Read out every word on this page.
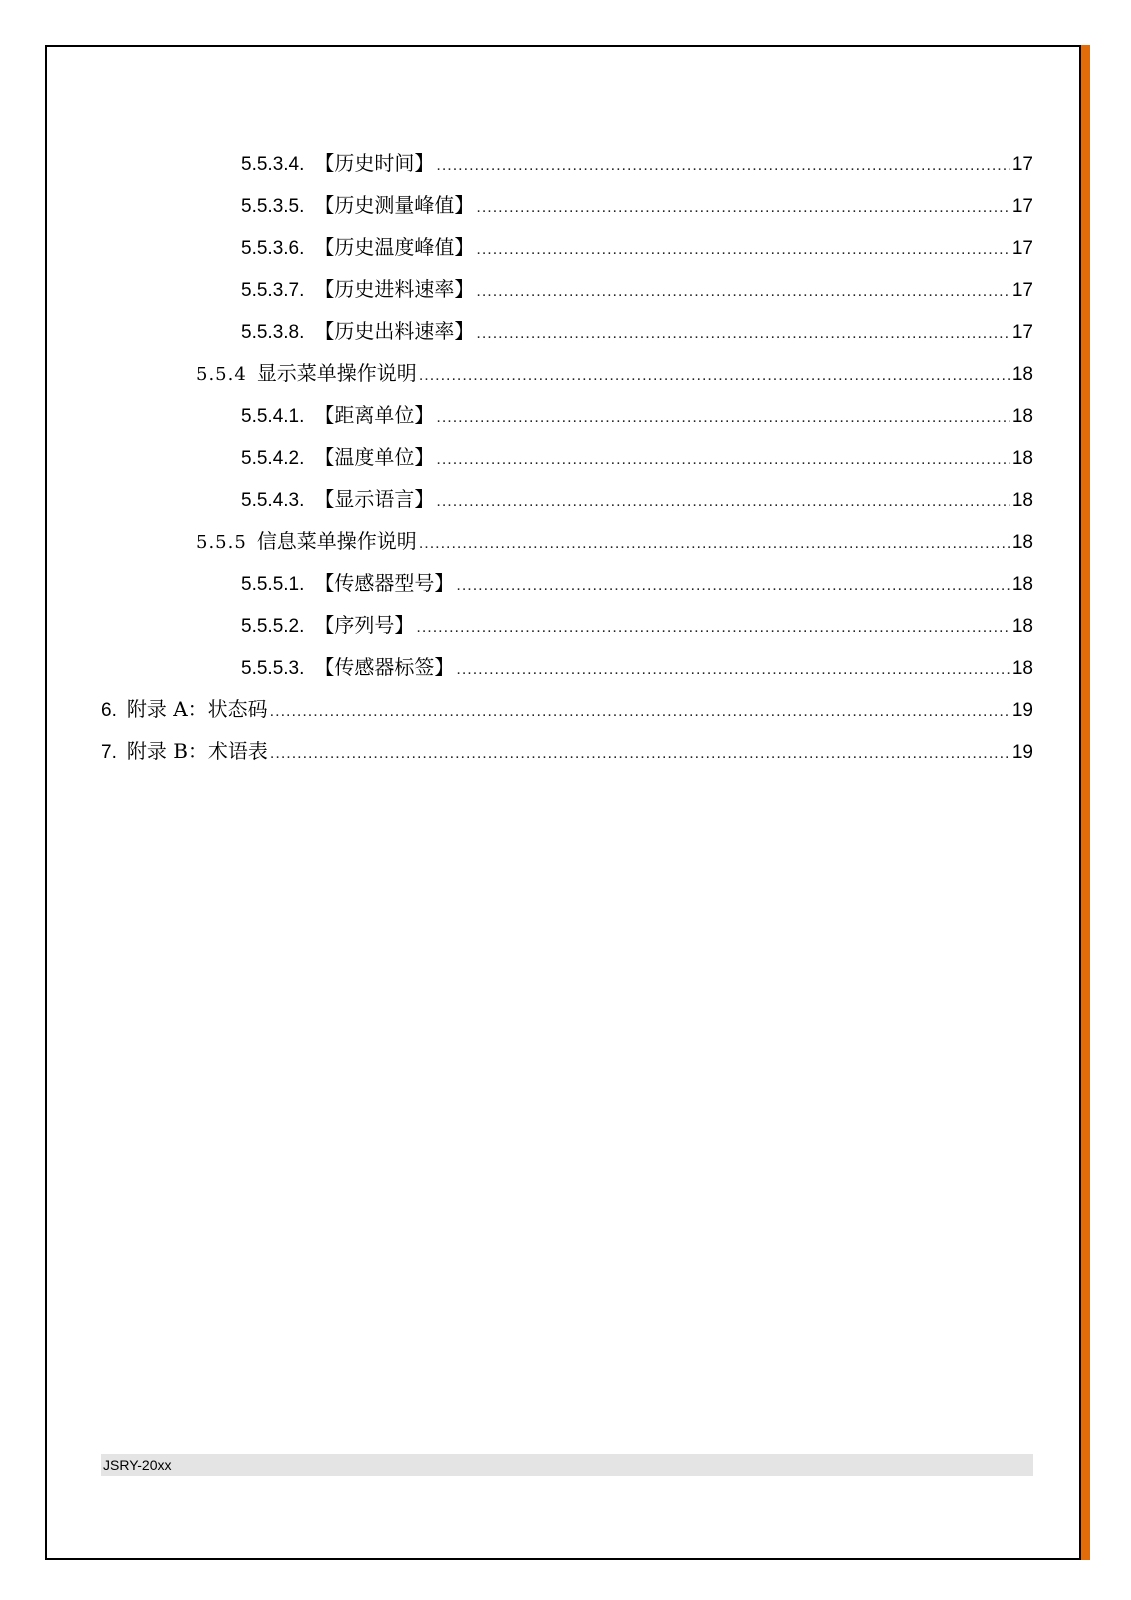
5.5.3.4. 【历史时间】 .....	17
5.5.3.5. 【历史测量峰值】 .....	17
5.5.3.6. 【历史温度峰值】 .....	17
5.5.3.7. 【历史进料速率】 .....	17
5.5.3.8. 【历史出料速率】 .....	17
5.5.4 显示菜单操作说明 .....	18
5.5.4.1. 【距离单位】 .....	18
5.5.4.2. 【温度单位】 .....	18
5.5.4.3. 【显示语言】 .....	18
5.5.5 信息菜单操作说明 .....	18
5.5.5.1. 【传感器型号】 .....	18
5.5.5.2. 【序列号】 .....	18
5.5.5.3. 【传感器标签】 .....	18
6. 附录 A：状态码 .....	19
7. 附录 B：术语表 .....	19
JSRY-20xx
